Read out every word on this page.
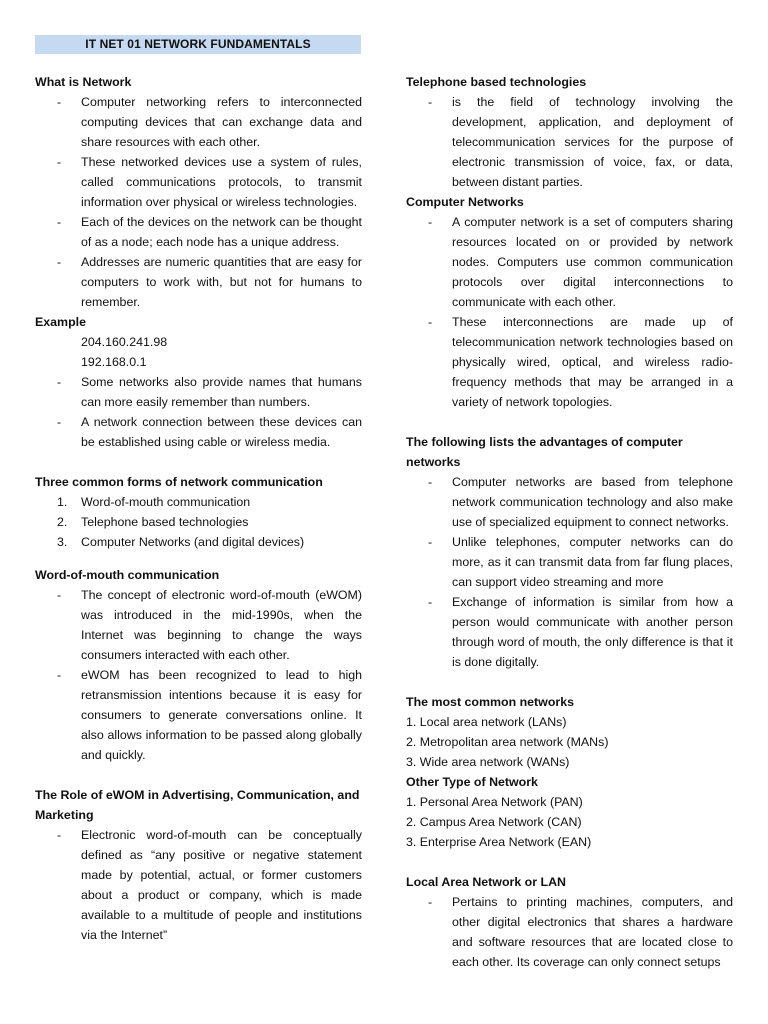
IT NET 01 NETWORK FUNDAMENTALS

What is Network

- Computer networking refers to interconnected computing devices that can exchange data and share resources with each other.
- These networked devices use a system of rules, called communications protocols, to transmit information over physical or wireless technologies.
- Each of the devices on the network can be thought of as a node; each node has a unique address.
- Addresses are numeric quantities that are easy for computers to work with, but not for humans to remember.

Example

204.160.241.98

192.168.0.1

- Some networks also provide names that humans can more easily remember than numbers.
- A network connection between these devices can be established using cable or wireless media.

Three common forms of network communication

1. Word-of-mouth communication
2. Telephone based technologies
3. Computer Networks (and digital devices)

Word-of-mouth communication

- The concept of electronic word-of-mouth (eWOM) was introduced in the mid-1990s, when the Internet was beginning to change the ways consumers interacted with each other.
- eWOM has been recognized to lead to high retransmission intentions because it is easy for consumers to generate conversations online. It also allows information to be passed along globally and quickly.

The Role of eWOM in Advertising, Communication, and Marketing

- Electronic word-of-mouth can be conceptually defined as “any positive or negative statement made by potential, actual, or former customers about a product or company, which is made available to a multitude of people and institutions via the Internet”

Telephone based technologies

- is the field of technology involving the development, application, and deployment of telecommunication services for the purpose of electronic transmission of voice, fax, or data, between distant parties.

Computer Networks

- A computer network is a set of computers sharing resources located on or provided by network nodes. Computers use common communication protocols over digital interconnections to communicate with each other.
- These interconnections are made up of telecommunication network technologies based on physically wired, optical, and wireless radio-frequency methods that may be arranged in a variety of network topologies.

The following lists the advantages of computer networks

- Computer networks are based from telephone network communication technology and also make use of specialized equipment to connect networks.
- Unlike telephones, computer networks can do more, as it can transmit data from far flung places, can support video streaming and more
- Exchange of information is similar from how a person would communicate with another person through word of mouth, the only difference is that it is done digitally.

The most common networks

1. Local area network (LANs)

2. Metropolitan area network (MANs)

3. Wide area network (WANs)

Other Type of Network

1. Personal Area Network (PAN)

2. Campus Area Network (CAN)

3. Enterprise Area Network (EAN)

Local Area Network or LAN

- Pertains to printing machines, computers, and other digital electronics that shares a hardware and software resources that are located close to each other. Its coverage can only connect setups
